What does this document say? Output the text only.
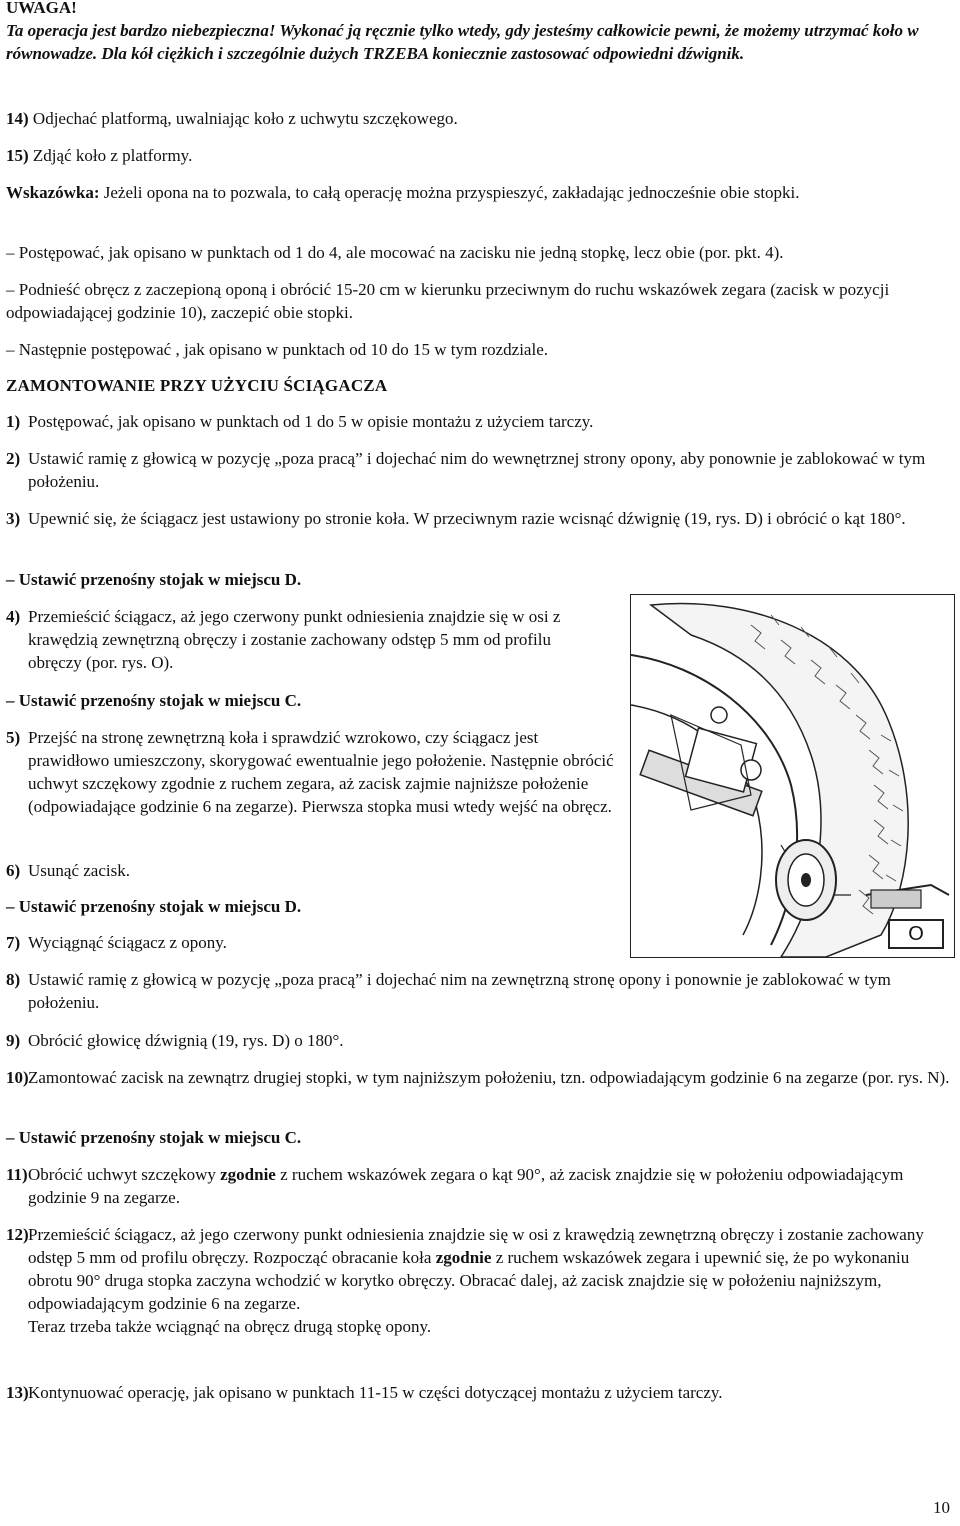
UWAGA!
Ta operacja jest bardzo niebezpieczna! Wykonać ją ręcznie tylko wtedy, gdy jesteśmy całkowicie pewni, że możemy utrzymać koło w równowadze. Dla kół ciężkich i szczególnie dużych TRZEBA koniecznie zastosować odpowiedni dźwignik.
14) Odjechać platformą, uwalniając koło z uchwytu szczękowego.
15) Zdjąć koło z platformy.
Wskazówka: Jeżeli opona na to pozwala, to całą operację można przyspieszyć, zakładając jednocześnie obie stopki.
– Postępować, jak opisano w punktach od 1 do 4, ale mocować na zacisku nie jedną stopkę, lecz obie (por. pkt. 4).
– Podnieść obręcz z zaczepioną oponą i obrócić 15-20 cm w kierunku przeciwnym do ruchu wskazówek zegara (zacisk w pozycji odpowiadającej godzinie 10), zaczepić obie stopki.
– Następnie postępować , jak opisano w punktach od 10 do 15 w tym rozdziale.
ZAMONTOWANIE PRZY UŻYCIU ŚCIĄGACZA
1) Postępować, jak opisano w punktach od 1 do 5 w opisie montażu z użyciem tarczy.
2) Ustawić ramię z głowicą w pozycję „poza pracą” i dojechać nim do wewnętrznej strony opony, aby ponownie je zablokować w tym położeniu.
3) Upewnić się, że ściągacz jest ustawiony po stronie koła. W przeciwnym razie wcisnąć dźwignię (19, rys. D) i obrócić o kąt 180°.
– Ustawić przenośny stojak w miejscu D.
4) Przemieścić ściągacz, aż jego czerwony punkt odniesienia znajdzie się w osi z krawędzią zewnętrzną obręczy i zostanie zachowany odstęp 5 mm od profilu obręczy (por. rys. O).
– Ustawić przenośny stojak w miejscu C.
5) Przejść na stronę zewnętrzną koła i sprawdzić wzrokowo, czy ściągacz jest prawidłowo umieszczony, skorygować ewentualnie jego położenie. Następnie obrócić uchwyt szczękowy zgodnie z ruchem zegara, aż zacisk zajmie najniższe położenie (odpowiadające godzinie 6 na zegarze). Pierwsza stopka musi wtedy wejść na obręcz.
6) Usunąć zacisk.
– Ustawić przenośny stojak w miejscu D.
7) Wyciągnąć ściągacz z opony.
8) Ustawić ramię z głowicą w pozycję „poza pracą” i dojechać nim na zewnętrzną stronę opony i ponownie je zablokować w tym położeniu.
9) Obrócić głowicę dźwignią (19, rys. D) o 180°.
10) Zamontować zacisk na zewnątrz drugiej stopki, w tym najniższym położeniu, tzn. odpowiadającym godzinie 6 na zegarze (por. rys. N).
– Ustawić przenośny stojak w miejscu C.
11) Obrócić uchwyt szczękowy zgodnie z ruchem wskazówek zegara o kąt 90°, aż zacisk znajdzie się w położeniu odpowiadającym godzinie 9 na zegarze.
12) Przemieścić ściągacz, aż jego czerwony punkt odniesienia znajdzie się w osi z krawędzią zewnętrzną obręczy i zostanie zachowany odstęp 5 mm od profilu obręczy. Rozpocząć obracanie koła zgodnie z ruchem wskazówek zegara i upewnić się, że po wykonaniu obrotu 90° druga stopka zaczyna wchodzić w korytko obręczy. Obracać dalej, aż zacisk znajdzie się w położeniu najniższym, odpowiadającym godzinie 6 na zegarze.
Teraz trzeba także wciągnąć na obręcz drugą stopkę opony.
13) Kontynuować operację, jak opisano w punktach 11-15 w części dotyczącej montażu z użyciem tarczy.
O
10
